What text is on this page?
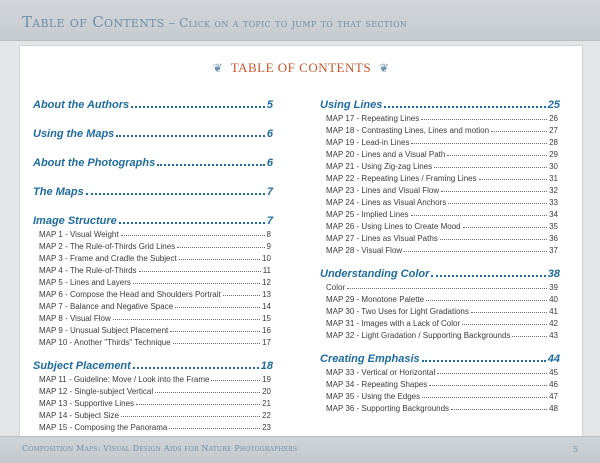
Table of Contents – Click on a topic to jump to that section
❦ TABLE OF CONTENTS ❦
About the Authors	5
Using the Maps	6
About the Photographs	6
The Maps	7
Image Structure	7
MAP 1 - Visual Weight	8
MAP 2 - The Rule-of-Thirds Grid Lines	9
MAP 3 - Frame and Cradle the Subject	10
MAP 4 - The Rule-of-Thirds	11
MAP 5 - Lines and Layers	12
MAP 6 - Compose the Head and Shoulders Portrait	13
MAP 7 - Balance and Negative Space	14
MAP 8 - Visual Flow	15
MAP 9 - Unusual Subject Placement	16
MAP 10 - Another "Thirds" Technique	17
Subject Placement	18
MAP 11 - Guideline: Move / Look into the Frame	19
MAP 12 - Single-subject Vertical	20
MAP 13 - Supportive Lines	21
MAP 14 - Subject Size	22
MAP 15 - Composing the Panorama	23
Using Lines	25
MAP 17 - Repeating Lines	26
MAP 18 - Contrasting Lines, Lines and motion	27
MAP 19 - Lead-in Lines	28
MAP 20 - Lines and a Visual Path	29
MAP 21 - Using Zig-zag Lines	30
MAP 22 - Repeating Lines / Framing Lines	31
MAP 23 - Lines and Visual Flow	32
MAP 24 - Lines as Visual Anchors	33
MAP 25 - Implied Lines	34
MAP 26 - Using Lines to Create Mood	35
MAP 27 - Lines as Visual Paths	36
MAP 28 - Visual Flow	37
Understanding Color	38
Color	39
MAP 29 - Monotone Palette	40
MAP 30 - Two Uses for Light Gradations	41
MAP 31 - Images with a Lack of Color	42
MAP 32 - Light Gradation / Supporting Backgrounds	43
Creating Emphasis	44
MAP 33 - Vertical or Horizontal	45
MAP 34 - Repeating Shapes	46
MAP 35 - Using the Edges	47
MAP 36 - Supporting Backgrounds	48
Composition Maps: Visual Design Aids for Nature Photographers	5
